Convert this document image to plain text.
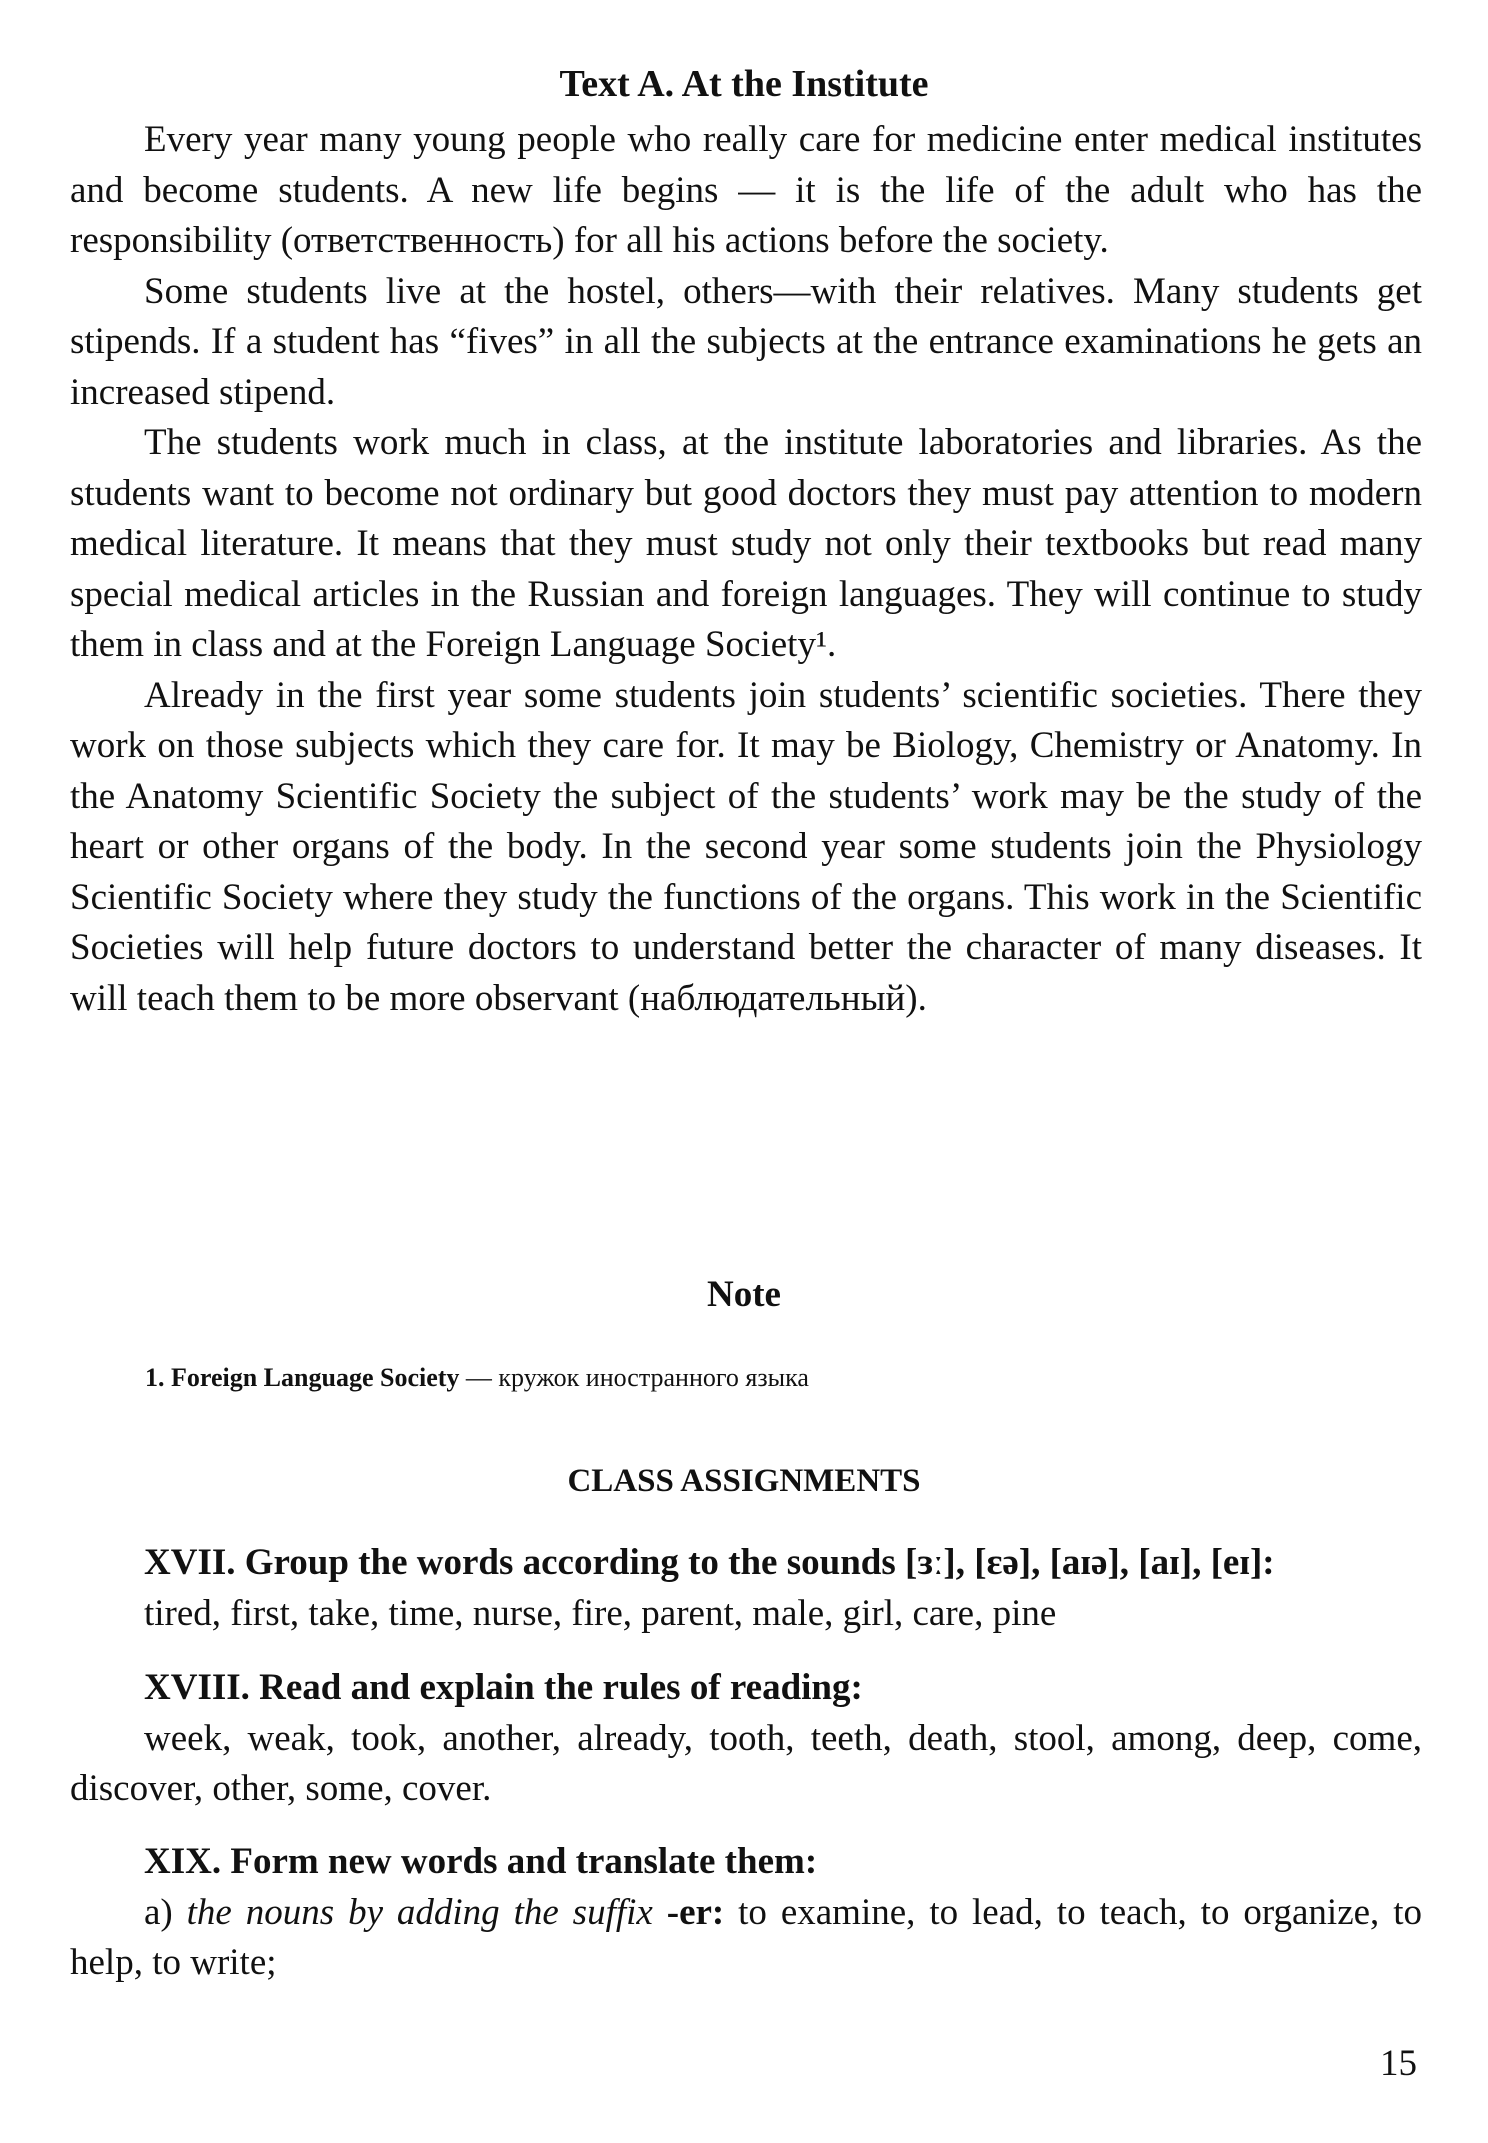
Text A. At the Institute

Every year many young people who really care for medicine enter medical institutes and become students. A new life begins — it is the life of the adult who has the responsibility (ответственность) for all his actions before the society.

Some students live at the hostel, others—with their relatives. Many students get stipends. If a student has “fives” in all the subjects at the entrance examinations he gets an increased stipend.

The students work much in class, at the institute laboratories and libraries. As the students want to become not ordinary but good doctors they must pay attention to modern medical literature. It means that they must study not only their textbooks but read many special medical articles in the Russian and foreign languages. They will continue to study them in class and at the Foreign Language Society¹.

Already in the first year some students join students’ scientific societies. There they work on those subjects which they care for. It may be Biology, Chemistry or Anatomy. In the Anatomy Scientific Society the subject of the students’ work may be the study of the heart or other organs of the body. In the second year some students join the Physiology Scientific Society where they study the functions of the organs. This work in the Scientific Societies will help future doctors to understand better the character of many diseases. It will teach them to be more observant (наблюдательный).

Note
1. Foreign Language Society — кружок иностранного языка
CLASS ASSIGNMENTS
XVII. Group the words according to the sounds [ɜː], [ɛə], [aɪə], [aɪ], [eɪ]:

tired, first, take, time, nurse, fire, parent, male, girl, care, pine

XVIII. Read and explain the rules of reading:

week, weak, took, another, already, tooth, teeth, death, stool, among, deep, come, discover, other, some, cover.

XIX. Form new words and translate them:

a) the nouns by adding the suffix -er: to examine, to lead, to teach, to organize, to help, to write;

15
